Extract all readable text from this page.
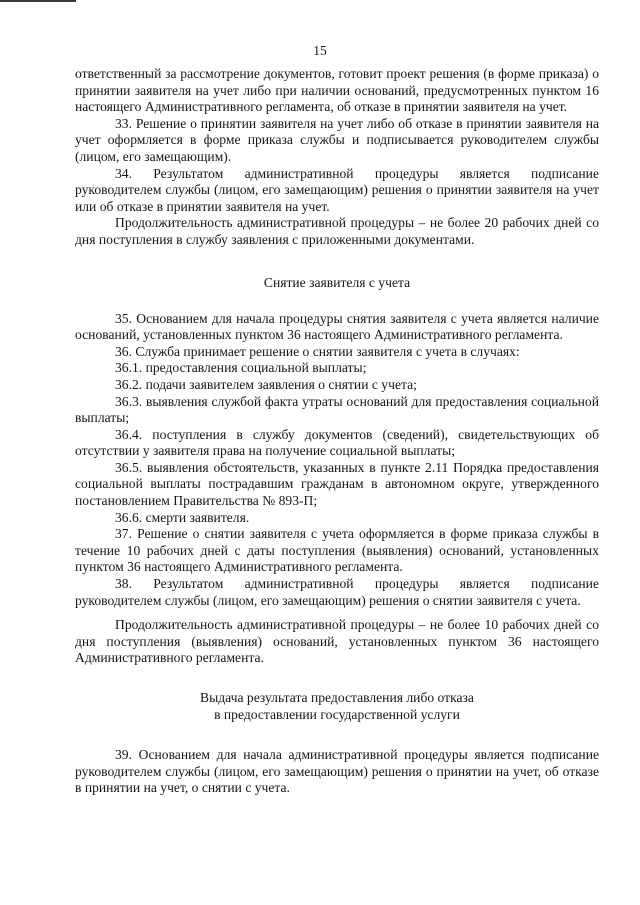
15

ответственный за рассмотрение документов, готовит проект решения (в форме приказа) о принятии заявителя на учет либо при наличии оснований, предусмотренных пунктом 16 настоящего Административного регламента, об отказе в принятии заявителя на учет.

33. Решение о принятии заявителя на учет либо об отказе в принятии заявителя на учет оформляется в форме приказа службы и подписывается руководителем службы (лицом, его замещающим).

34. Результатом административной процедуры является подписание руководителем службы (лицом, его замещающим) решения о принятии заявителя на учет или об отказе в принятии заявителя на учет.

Продолжительность административной процедуры – не более 20 рабочих дней со дня поступления в службу заявления с приложенными документами.

Снятие заявителя с учета

35. Основанием для начала процедуры снятия заявителя с учета является наличие оснований, установленных пунктом 36 настоящего Административного регламента.

36. Служба принимает решение о снятии заявителя с учета в случаях:

36.1. предоставления социальной выплаты;

36.2. подачи заявителем заявления о снятии с учета;

36.3. выявления службой факта утраты оснований для предоставления социальной выплаты;

36.4. поступления в службу документов (сведений), свидетельствующих об отсутствии у заявителя права на получение социальной выплаты;

36.5. выявления обстоятельств, указанных в пункте 2.11 Порядка предоставления социальной выплаты пострадавшим гражданам в автономном округе, утвержденного постановлением Правительства № 893-П;

36.6. смерти заявителя.

37. Решение о снятии заявителя с учета оформляется в форме приказа службы в течение 10 рабочих дней с даты поступления (выявления) оснований, установленных пунктом 36 настоящего Административного регламента.

38. Результатом административной процедуры является подписание руководителем службы (лицом, его замещающим) решения о снятии заявителя с учета.

Продолжительность административной процедуры – не более 10 рабочих дней со дня поступления (выявления) оснований, установленных пунктом 36 настоящего Административного регламента.

Выдача результата предоставления либо отказа
в предоставлении государственной услуги

39. Основанием для начала административной процедуры является подписание руководителем службы (лицом, его замещающим) решения о принятии на учет, об отказе в принятии на учет, о снятии с учета.
